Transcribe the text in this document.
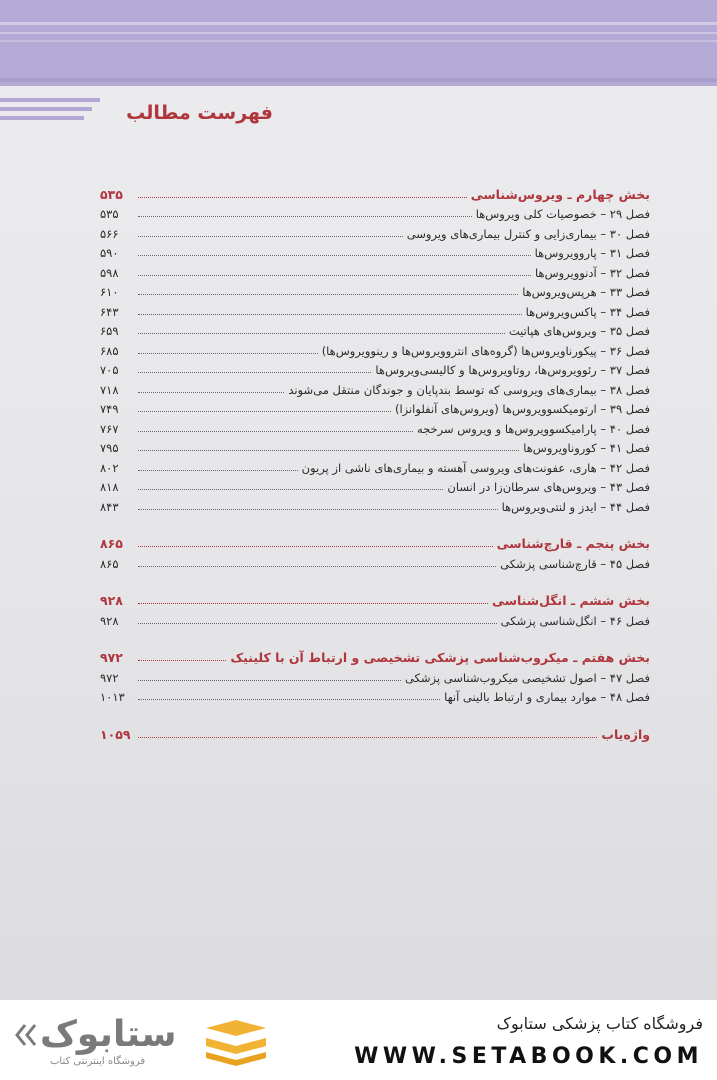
فهرست مطالب
بخش چهارم ـ ویروس‌شناسی
۵۳۵
فصل ۲۹ – خصوصیات کلی ویروس‌ها
۵۳۵
فصل ۳۰ – بیماری‌زایی و کنترل بیماری‌های ویروسی
۵۶۶
فصل ۳۱ – پاروویروس‌ها
۵۹۰
فصل ۳۲ – آدنوویروس‌ها
۵۹۸
فصل ۳۳ – هرپس‌ویروس‌ها
۶۱۰
فصل ۳۴ – پاکس‌ویروس‌ها
۶۴۳
فصل ۳۵ – ویروس‌های هپاتیت
۶۵۹
فصل ۳۶ – پیکورناویروس‌ها (گروه‌های انتروویروس‌ها و رینوویروس‌ها)
۶۸۵
فصل ۳۷ – رئوویروس‌ها، روتاویروس‌ها و کالیسی‌ویروس‌ها
۷۰۵
فصل ۳۸ – بیماری‌های ویروسی که توسط بندپایان و جوندگان منتقل می‌شوند
۷۱۸
فصل ۳۹ – ارتومیکسوویروس‌ها (ویروس‌های آنفلوانزا)
۷۴۹
فصل ۴۰ – پارامیکسوویروس‌ها و ویروس سرخجه
۷۶۷
فصل ۴۱ – کوروناویروس‌ها
۷۹۵
فصل ۴۲ – هاری، عفونت‌های ویروسی آهسته و بیماری‌های ناشی از پریون
۸۰۲
فصل ۴۳ – ویروس‌های سرطان‌زا در انسان
۸۱۸
فصل ۴۴ – ایدز و لنتی‌ویروس‌ها
۸۴۳
بخش پنجم ـ قارچ‌شناسی
۸۶۵
فصل ۴۵ – قارچ‌شناسی پزشکی
۸۶۵
بخش ششم ـ انگل‌شناسی
۹۲۸
فصل ۴۶ – انگل‌شناسی پزشکی
۹۲۸
بخش هفتم ـ میکروب‌شناسی پزشکی تشخیصی و ارتباط آن با کلینیک
۹۷۲
فصل ۴۷ – اصول تشخیصی میکروب‌شناسی پزشکی
۹۷۲
فصل ۴۸ – موارد بیماری و ارتباط بالینی آنها
۱۰۱۳
واژه‌یاب
۱۰۵۹
فروشگاه کتاب پزشکی ستابوک
WWW.SETABOOK.COM
ستابوک
فروشگاه اینترنتی کتاب
